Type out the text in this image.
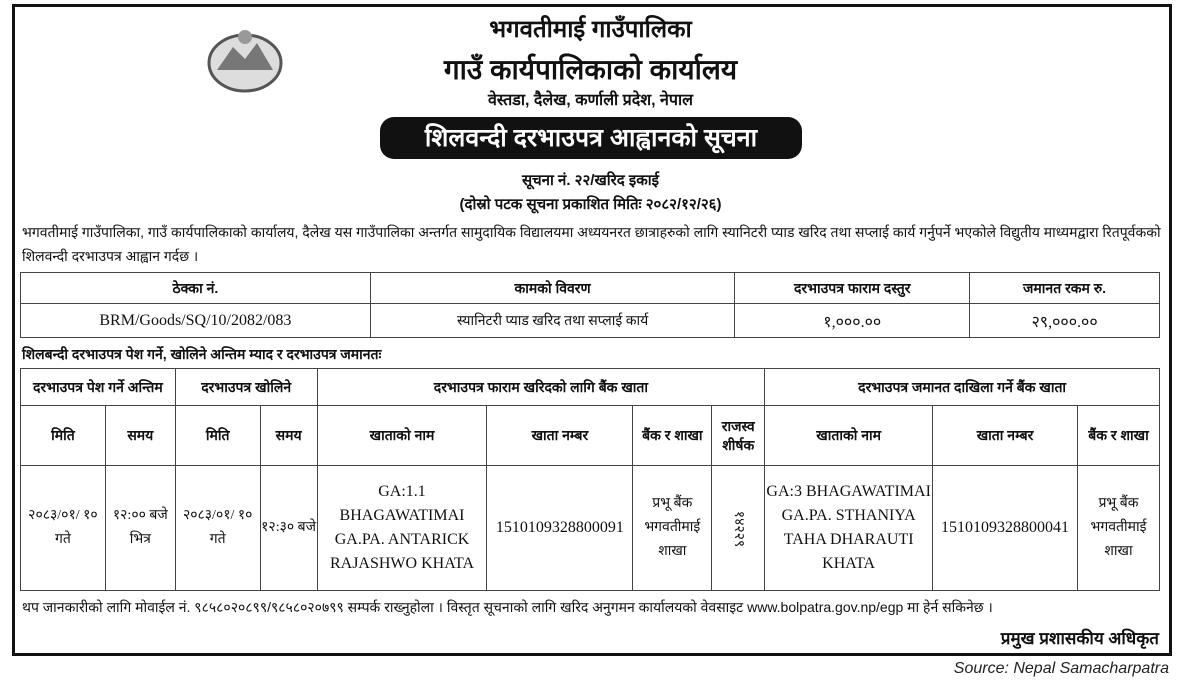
भगवतीमाई गाउँपालिका
गाउँ कार्यपालिकाको कार्यालय
वेस्तडा, दैलेख, कर्णाली प्रदेश, नेपाल
शिलवन्दी दरभाउपत्र आह्वानको सूचना
सूचना नं. २२/खरिद इकाई
(दोस्रो पटक सूचना प्रकाशित मितिः २०८२/१२/२६)
भगवतीमाई गाउँपालिका, गाउँ कार्यपालिकाको कार्यालय, दैलेख यस गाउँपालिका अन्तर्गत सामुदायिक विद्यालयमा अध्ययनरत छात्राहरुको लागि स्यानिटरी प्याड खरिद तथा सप्लाई कार्य गर्नुपर्ने भएकोले विद्युतीय माध्यमद्वारा रितपूर्वकको शिलवन्दी दरभाउपत्र आह्वान गर्दछ ।
ठेक्का नं.	कामको विवरण	दरभाउपत्र फाराम दस्तुर	जमानत रकम रु.
BRM/Goods/SQ/10/2082/083	स्यानिटरी प्याड खरिद तथा सप्लाई कार्य	१,०००.००	२९,०००.००
शिलबन्दी दरभाउपत्र पेश गर्ने, खोलिने अन्तिम म्याद र दरभाउपत्र जमानतः
दरभाउपत्र पेश गर्ने अन्तिम		दरभाउपत्र खोलिने		दरभाउपत्र फाराम खरिदको लागि बैंक खाता				दरभाउपत्र जमानत दाखिला गर्ने बैंक खाता		
मिति	समय	मिति	समय	खाताको नाम	खाता नम्बर	बैंक र शाखा	राजस्व शीर्षक	खाताको नाम	खाता नम्बर	बैंक र शाखा
२०८३/०१/ १० गते	१२:०० बजे भित्र	२०८३/०१/ १० गते	१२:३० बजे	GA:1.1 BHAGAWATIMAI GA.PA. ANTARICK RAJASHWO KHATA	1510109328800091	प्रभू बैंक भगवतीमाई शाखा	१४२२९	GA:3 BHAGAWATIMAI GA.PA. STHANIYA TAHA DHARAUTI KHATA	1510109328800041	प्रभू बैंक भगवतीमाई शाखा
थप जानकारीको लागि मोवाईल नं. ९८५८०२०८९९/९८५८०२०७९९ सम्पर्क राख्नुहोला । विस्तृत सूचनाको लागि खरिद अनुगमन कार्यालयको वेवसाइट www.bolpatra.gov.np/egp मा हेर्न सकिनेछ ।
प्रमुख प्रशासकीय अधिकृत
Source: Nepal Samacharpatra
